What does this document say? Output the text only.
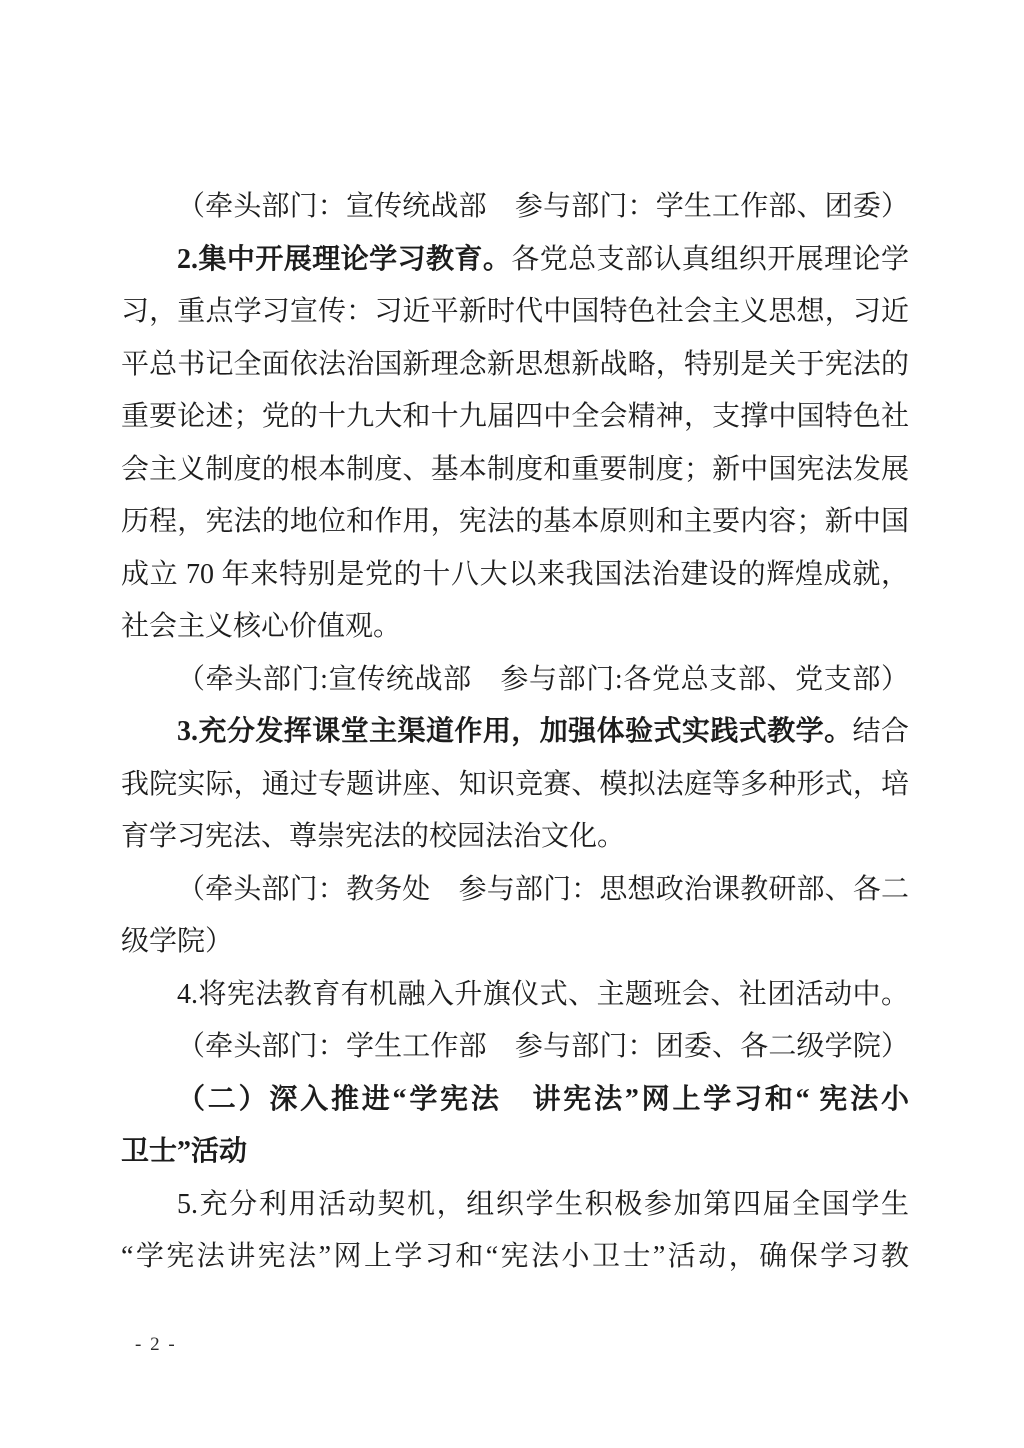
（牵头部门：宣传统战部　参与部门：学生工作部、团委）
2.集中开展理论学习教育。各党总支部认真组织开展理论学
习，重点学习宣传：习近平新时代中国特色社会主义思想，习近
平总书记全面依法治国新理念新思想新战略，特别是关于宪法的
重要论述；党的十九大和十九届四中全会精神，支撑中国特色社
会主义制度的根本制度、基本制度和重要制度；新中国宪法发展
历程，宪法的地位和作用，宪法的基本原则和主要内容；新中国
成立 70 年来特别是党的十八大以来我国法治建设的辉煌成就，
社会主义核心价值观。
（牵头部门:宣传统战部　参与部门:各党总支部、党支部）
3.充分发挥课堂主渠道作用，加强体验式实践式教学。结合
我院实际，通过专题讲座、知识竞赛、模拟法庭等多种形式，培
育学习宪法、尊崇宪法的校园法治文化。
（牵头部门：教务处　参与部门：思想政治课教研部、各二
级学院）
4.将宪法教育有机融入升旗仪式、主题班会、社团活动中。
（牵头部门：学生工作部　参与部门：团委、各二级学院）
（二）深入推进“学宪法　讲宪法”网上学习和“ 宪法小
卫士”活动
5.充分利用活动契机，组织学生积极参加第四届全国学生
“学宪法讲宪法”网上学习和“宪法小卫士”活动，确保学习教
- 2 -
